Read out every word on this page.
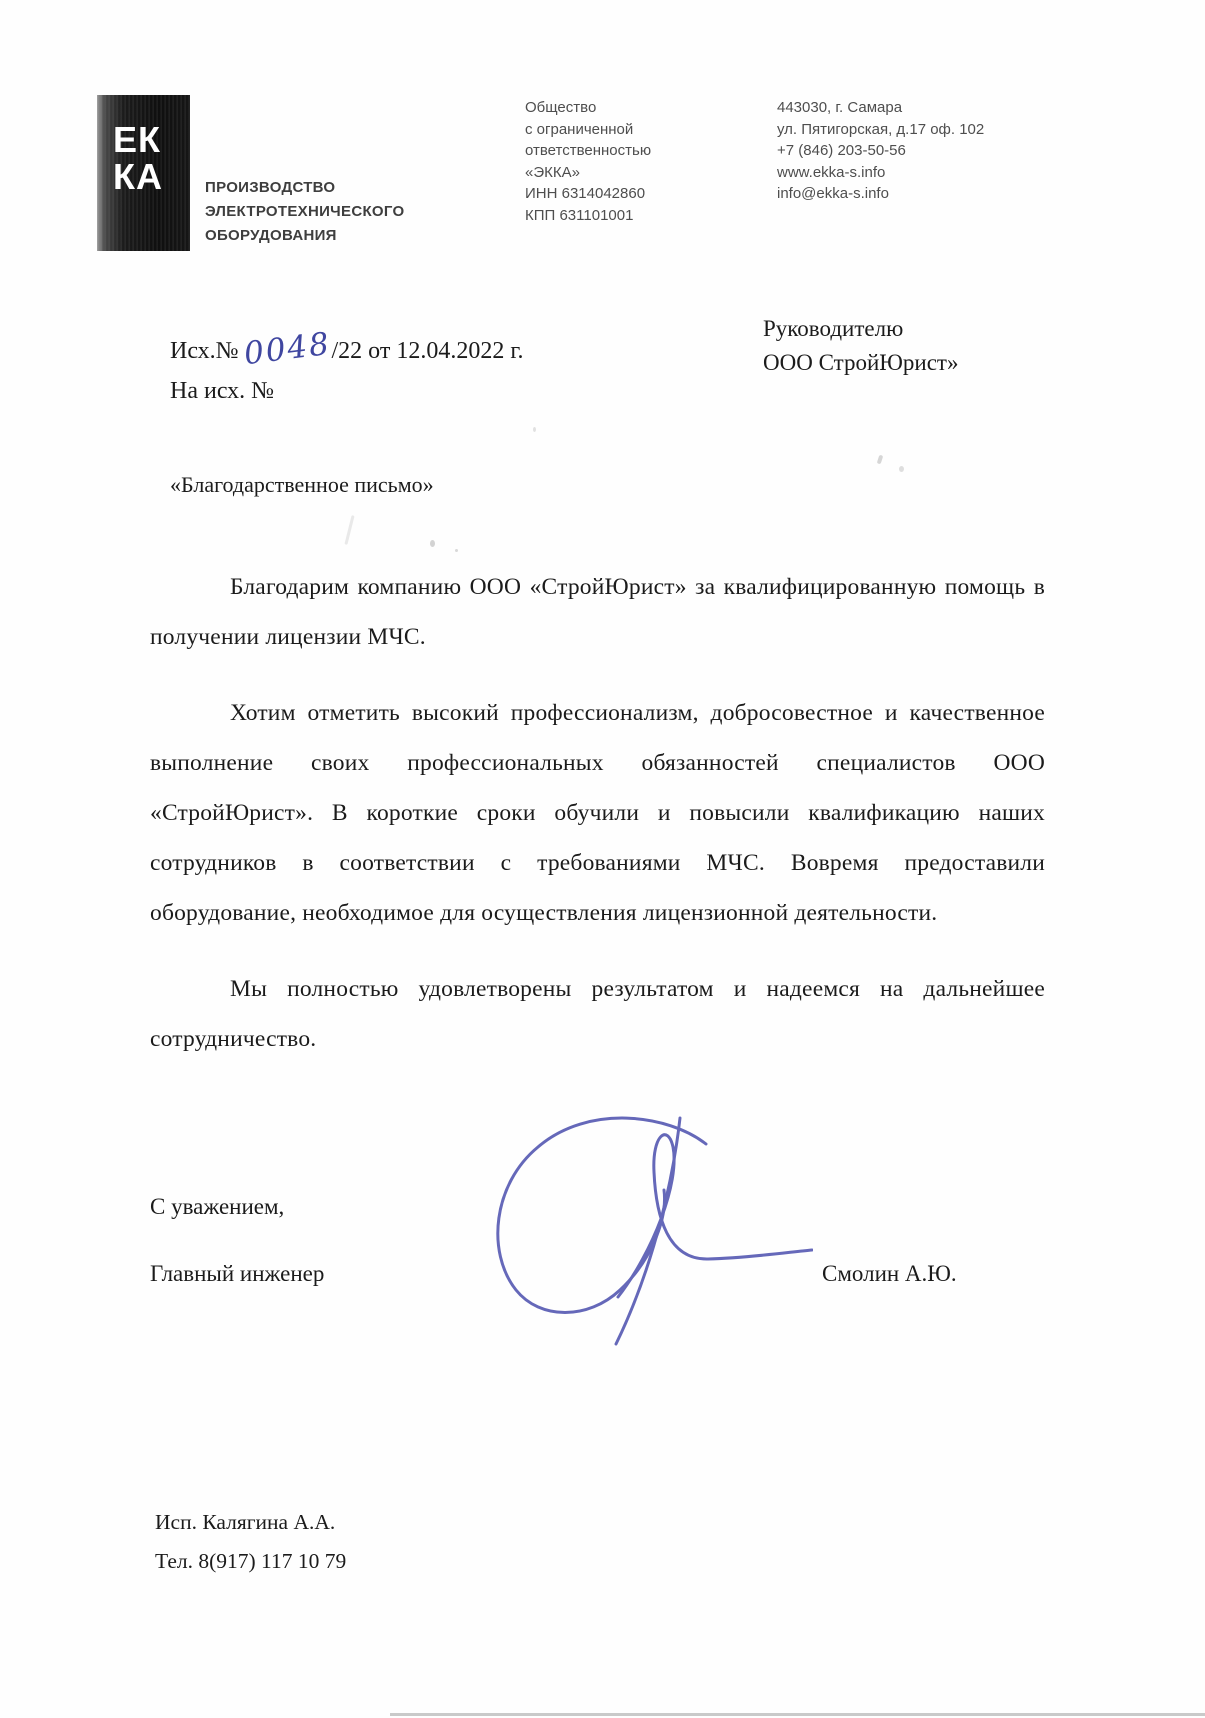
ЕК
КА	ПРОИЗВОДСТВО
ЭЛЕКТРОТЕХНИЧЕСКОГО
ОБОРУДОВАНИЯ
Общество
с ограниченной
ответственностью
«ЭККА»
ИНН 6314042860
КПП 631101001
443030, г. Самара
ул. Пятигорская, д.17 оф. 102
+7 (846) 203-50-56
www.ekka-s.info
info@ekka-s.info
Исх.№ 0048/22 от 12.04.2022 г.
На исх. №
Руководителю
ООО СтройЮрист»
«Благодарственное письмо»

Благодарим компанию ООО «СтройЮрист» за квалифицированную помощь в получении лицензии МЧС.

Хотим отметить высокий профессионализм, добросовестное и качественное выполнение своих профессиональных обязанностей специалистов ООО «СтройЮрист». В короткие сроки обучили и повысили квалификацию наших сотрудников в соответствии с требованиями МЧС. Вовремя предоставили оборудование, необходимое для осуществления лицензионной деятельности.

Мы полностью удовлетворены результатом и надеемся на дальнейшее сотрудничество.

С уважением,
Главный инженер	Смолин А.Ю.
Исп. Калягина А.А.
Тел. 8(917) 117 10 79
